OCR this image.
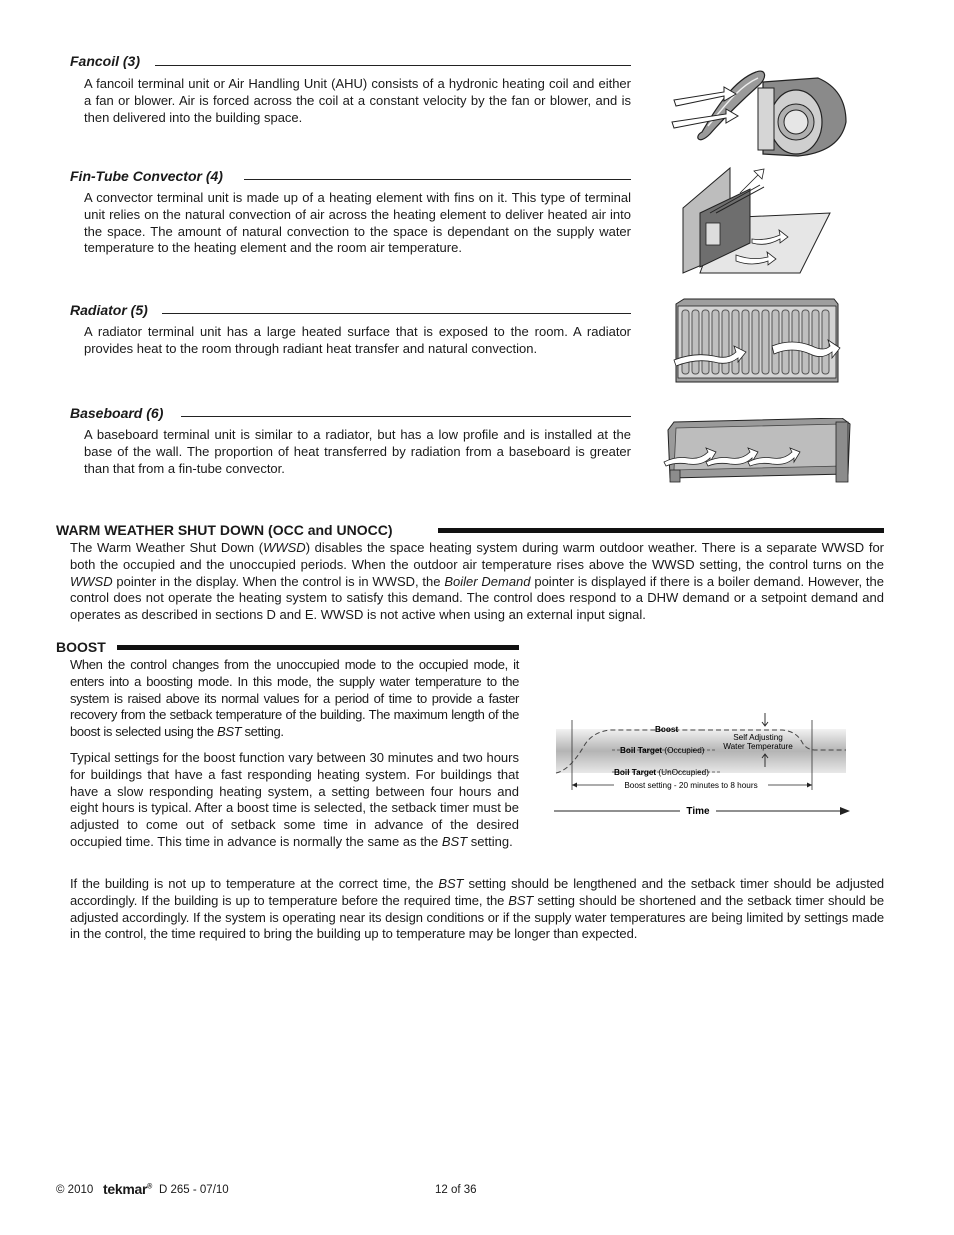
Fancoil (3)

A fancoil terminal unit or Air Handling Unit (AHU) consists of a hydronic heating coil and either a fan or blower. Air is forced across the coil at a constant velocity by the fan or blower, and is then delivered into the building space.

Fin-Tube Convector (4)

A convector terminal unit is made up of a heating element with fins on it. This type of terminal unit relies on the natural convection of air across the heating element to deliver heated air into the space. The amount of natural convection to the space is dependant on the supply water temperature to the heating element and the room air temperature.

Radiator (5)

A radiator terminal unit has a large heated surface that is exposed to the room. A radiator provides heat to the room through radiant heat transfer and natural convection.

Baseboard (6)

A baseboard terminal unit is similar to a radiator, but has a low profile and is installed at the base of the wall. The proportion of heat transferred by radiation from a baseboard is greater than that from a fin-tube convector.

WARM WEATHER SHUT DOWN (OCC and UNOCC)

The Warm Weather Shut Down (WWSD) disables the space heating system during warm outdoor weather. There is a separate WWSD for both the occupied and the unoccupied periods. When the outdoor air temperature rises above the WWSD setting, the control turns on the WWSD pointer in the display. When the control is in WWSD, the Boiler Demand pointer is displayed if there is a boiler demand. However, the control does not operate the heating system to satisfy this demand. The control does respond to a DHW demand or a setpoint demand and operates as described in sections D and E. WWSD is not active when using an external input signal.

BOOST

When the control changes from the unoccupied mode to the occupied mode, it enters into a boosting mode. In this mode, the supply water temperature to the system is raised above its normal values for a period of time to provide a faster recovery from the setback temperature of the building. The maximum length of the boost is selected using the BST setting.

Typical settings for the boost function vary between 30 minutes and two hours for buildings that have a fast responding heating system. For buildings that have a slow responding heating system, a setting between four hours and eight hours is typical. After a boost time is selected, the setback timer must be adjusted to come out of setback some time in advance of the desired occupied time. This time in advance is normally the same as the BST setting.

If the building is not up to temperature at the correct time, the BST setting should be lengthened and the setback timer should be adjusted accordingly. If the building is up to temperature before the required time, the BST setting should be shortened and the setback timer should be adjusted accordingly. If the system is operating near its design conditions or if the supply water temperatures are being limited by settings made in the control, the time required to bring the building up to temperature may be longer than expected.

Boost
Self Adjusting
Water Temperature
Boil Target (Occupied)
Boil Target (UnOccupied)
Boost setting - 20 minutes to 8 hours
Time
© 2010 tekmar® D 265 - 07/10	12 of 36
